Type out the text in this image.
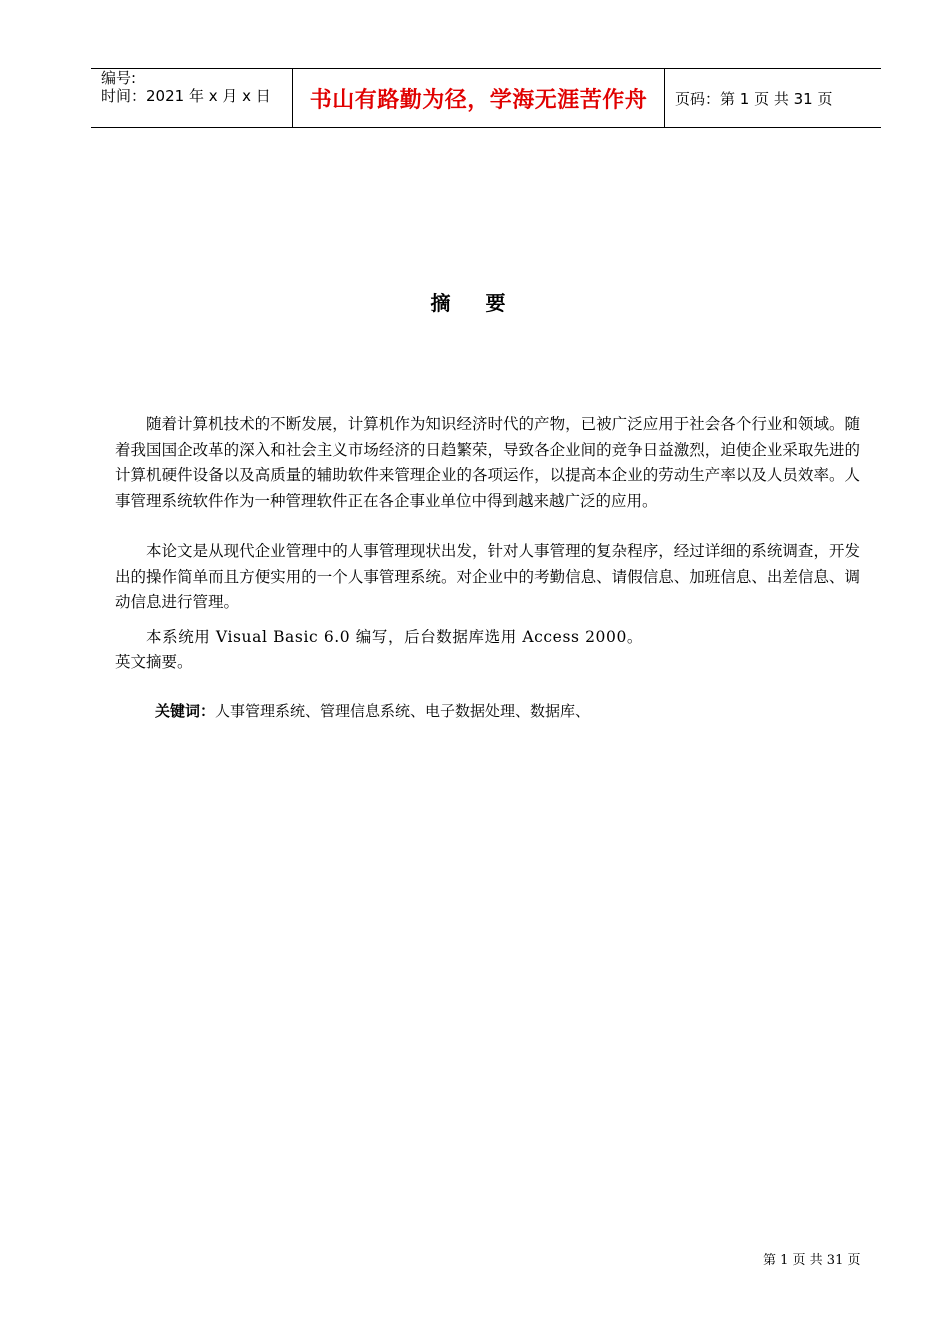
编号:
时间：2021 年 x 月 x 日 书山有路勤为径，学海无涯苦作舟 页码：第 1 页 共 31 页
摘 要
随着计算机技术的不断发展，计算机作为知识经济时代的产物，已被广泛应用于社会各个行业和领域。随着我国国企改革的深入和社会主义市场经济的日趋繁荣，导致各企业间的竞争日益激烈，迫使企业采取先进的计算机硬件设备以及高质量的辅助软件来管理企业的各项运作，以提高本企业的劳动生产率以及人员效率。人事管理系统软件作为一种管理软件正在各企事业单位中得到越来越广泛的应用。
本论文是从现代企业管理中的人事管理现状出发，针对人事管理的复杂程序，经过详细的系统调查，开发出的操作简单而且方便实用的一个人事管理系统。对企业中的考勤信息、请假信息、加班信息、出差信息、调动信息进行管理。
本系统用 Visual Basic 6.0 编写，后台数据库选用 Access 2000。
英文摘要。
关键词：人事管理系统、管理信息系统、电子数据处理、数据库、
第 1 页 共 31 页
